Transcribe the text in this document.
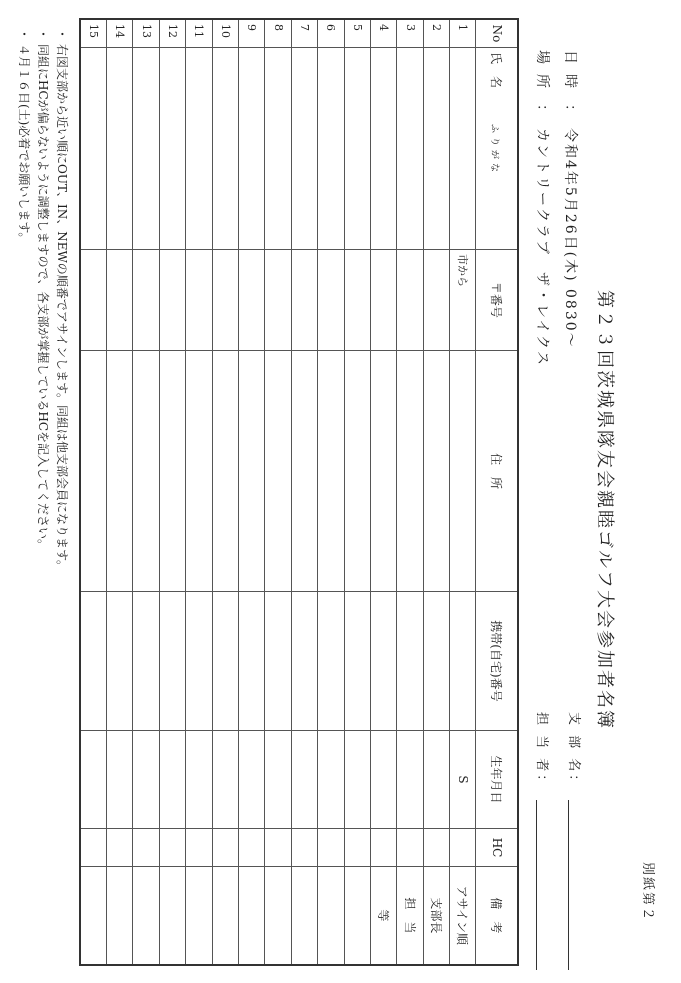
別紙第２
第２３回茨城県隊友会親睦ゴルフ大会参加者名簿
支 部 名：
担 当 者：
日時：令和4年5月26日(木) 0830～
場所：カントリークラブ　ザ・レイクス
No	氏　名ふりがな	〒番号	住　所	携帯(自宅)番号	生年月日	HC	備　考
1		市から			S		アサイン順
2							支部長
3							担　当
4							等
5							
6							
7							
8							
9							
10							
11							
12							
13							
14							
15							
・右図支部から近い順にOUT、IN、NEWの順番でアサインします。同組は他支部会員になります。
・同組にHCが偏らないように調整しますので、各支部が掌握しているHCを記入してください。
・４月１６日(土)必着でお願いします。
